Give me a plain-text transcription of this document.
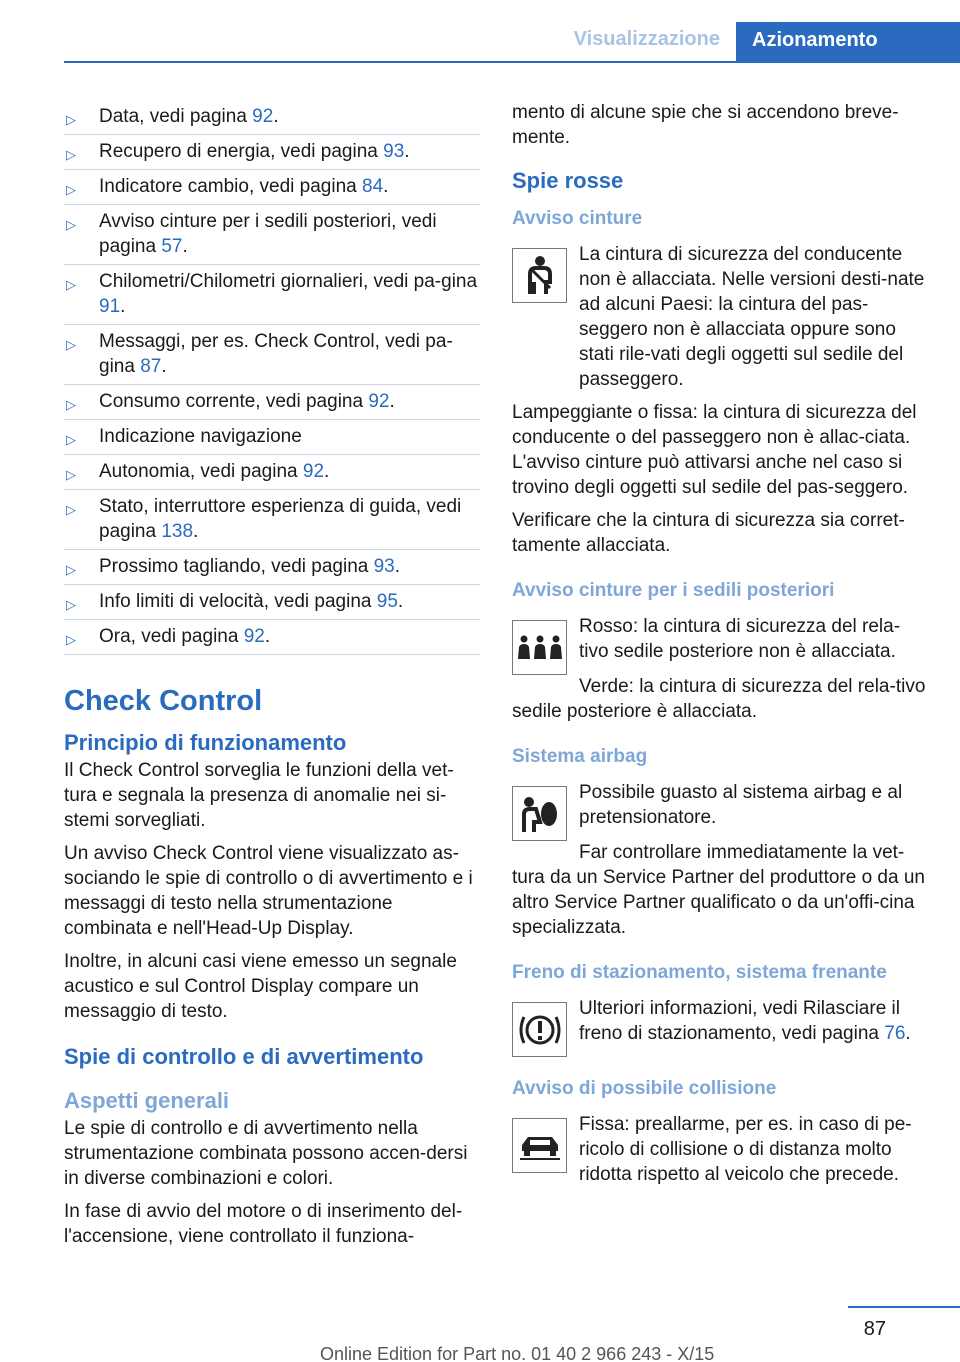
Visualizzazione	Azionamento
▷ Data, vedi pagina 92.
▷ Recupero di energia, vedi pagina 93.
▷ Indicatore cambio, vedi pagina 84.
▷ Avviso cinture per i sedili posteriori, vedi pagina 57.
▷ Chilometri/Chilometri giornalieri, vedi pa‐gina 91.
▷ Messaggi, per es. Check Control, vedi pa‐gina 87.
▷ Consumo corrente, vedi pagina 92.
▷ Indicazione navigazione
▷ Autonomia, vedi pagina 92.
▷ Stato, interruttore esperienza di guida, vedi pagina 138.
▷ Prossimo tagliando, vedi pagina 93.
▷ Info limiti di velocità, vedi pagina 95.
▷ Ora, vedi pagina 92.
Check Control
Principio di funzionamento

Il Check Control sorveglia le funzioni della vet‐tura e segnala la presenza di anomalie nei si‐stemi sorvegliati.

Un avviso Check Control viene visualizzato as‐sociando le spie di controllo o di avvertimento e i messaggi di testo nella strumentazione combinata e nell'Head-Up Display.

Inoltre, in alcuni casi viene emesso un segnale acustico e sul Control Display compare un messaggio di testo.

Spie di controllo e di avvertimento
Aspetti generali

Le spie di controllo e di avvertimento nella strumentazione combinata possono accen‐dersi in diverse combinazioni e colori.

In fase di avvio del motore o di inserimento del‐l'accensione, viene controllato il funziona‐

mento di alcune spie che si accendono breve‐mente.

Spie rosse
Avviso cinture

La cintura di sicurezza del conducente non è allacciata. Nelle versioni desti‐nate ad alcuni Paesi: la cintura del pas‐seggero non è allacciata oppure sono stati rile‐vati degli oggetti sul sedile del passeggero.

Lampeggiante o fissa: la cintura di sicurezza del conducente o del passeggero non è allac‐ciata. L'avviso cinture può attivarsi anche nel caso si trovino degli oggetti sul sedile del pas‐seggero.

Verificare che la cintura di sicurezza sia corret‐tamente allacciata.

Avviso cinture per i sedili posteriori

Rosso: la cintura di sicurezza del rela‐tivo sedile posteriore non è allacciata.

Verde: la cintura di sicurezza del rela‐tivo sedile posteriore è allacciata.

Sistema airbag

Possibile guasto al sistema airbag e al pretensionatore.

Far controllare immediatamente la vet‐tura da un Service Partner del produttore o da un altro Service Partner qualificato o da un'offi‐cina specializzata.

Freno di stazionamento, sistema frenante

Ulteriori informazioni, vedi Rilasciare il freno di stazionamento, vedi pagina 76.

Avviso di possibile collisione

Fissa: preallarme, per es. in caso di pe‐ricolo di collisione o di distanza molto ridotta rispetto al veicolo che precede.

87
Online Edition for Part no. 01 40 2 966 243 - X/15
